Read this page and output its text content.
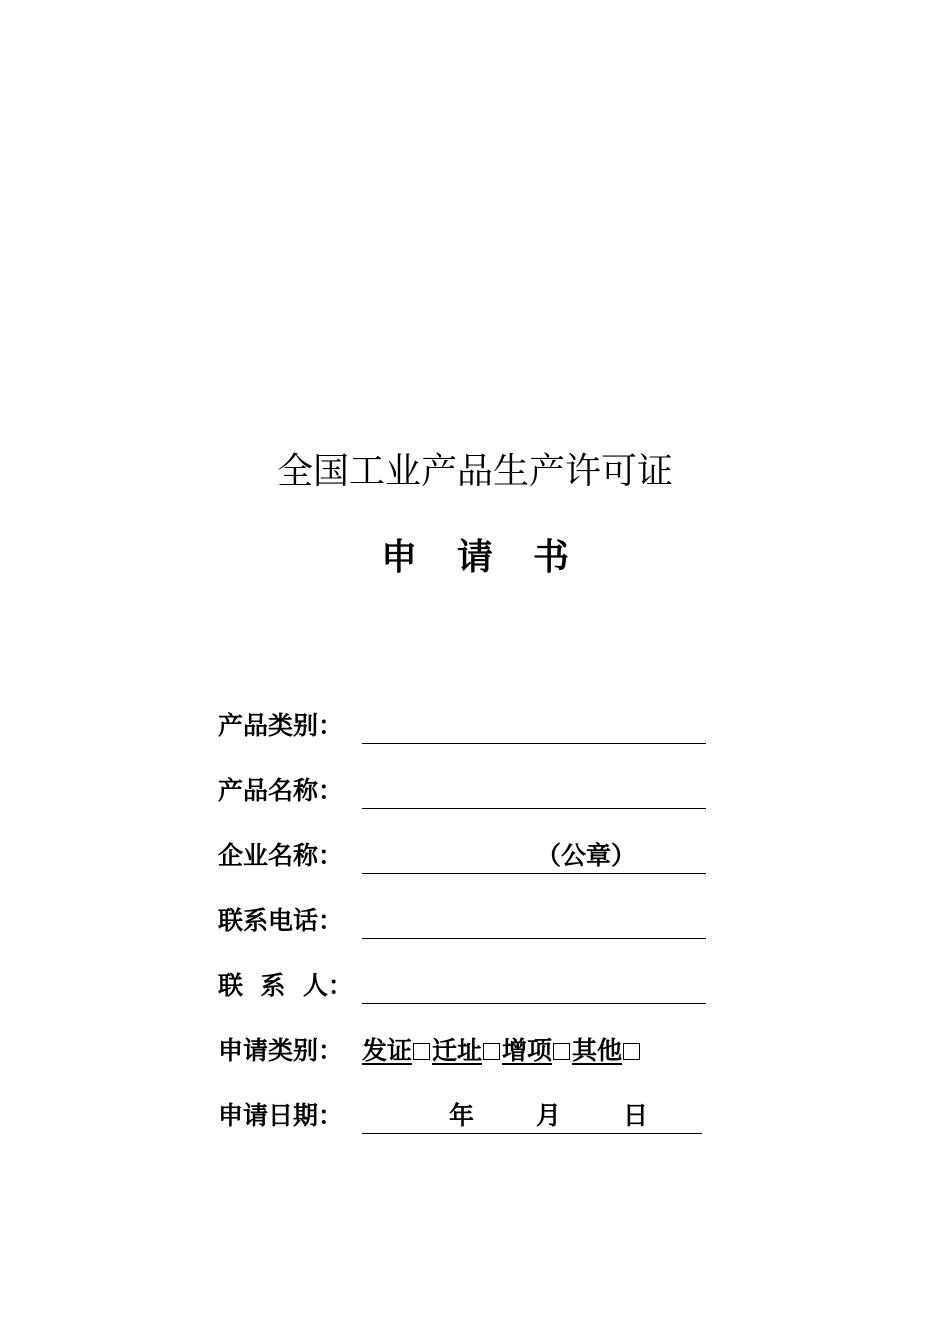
全国工业产品生产许可证
申 请 书
产品类别：
产品名称：
企业名称：	（公章）
联系电话：
联  系  人：
申请类别： 发证 迁址 增项 其他
申请日期：	年 月 日
